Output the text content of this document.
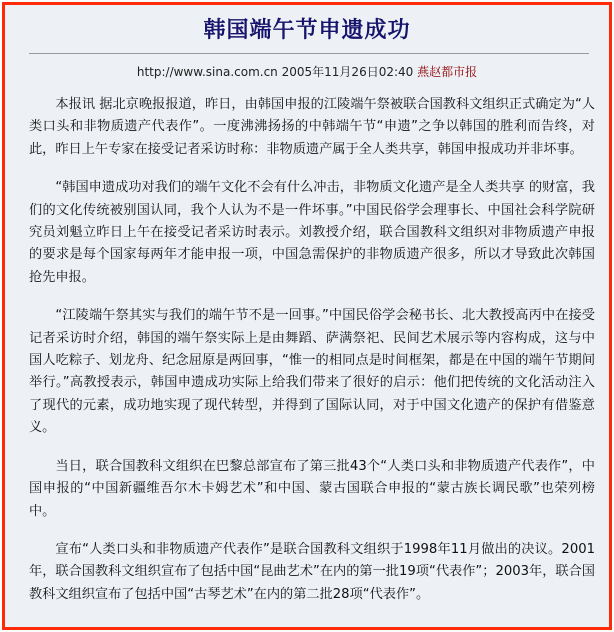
韩国端午节申遗成功
http://www.sina.com.cn 2005年11月26日02:40 燕赵都市报

本报讯 据北京晚报报道，昨日，由韩国申报的江陵端午祭被联合国教科文组织正式确定为“人类口头和非物质遗产代表作”。一度沸沸扬扬的中韩端午节“申遗”之争以韩国的胜利而告终，对此，昨日上午专家在接受记者采访时称：非物质遗产属于全人类共享，韩国申报成功并非坏事。

“韩国申遗成功对我们的端午文化不会有什么冲击，非物质文化遗产是全人类共享 的财富，我们的文化传统被别国认同，我个人认为不是一件坏事。”中国民俗学会理事长、中国社会科学院研究员刘魁立昨日上午在接受记者采访时表示。刘教授介绍，联合国教科文组织对非物质遗产申报的要求是每个国家每两年才能申报一项，中国急需保护的非物质遗产很多，所以才导致此次韩国抢先申报。

“江陵端午祭其实与我们的端午节不是一回事。”中国民俗学会秘书长、北大教授高丙中在接受记者采访时介绍，韩国的端午祭实际上是由舞蹈、萨满祭祀、民间艺术展示等内容构成，这与中国人吃粽子、划龙舟、纪念屈原是两回事，“惟一的相同点是时间框架，都是在中国的端午节期间举行。”高教授表示，韩国申遗成功实际上给我们带来了很好的启示：他们把传统的文化活动注入了现代的元素，成功地实现了现代转型，并得到了国际认同，对于中国文化遗产的保护有借鉴意义。

当日，联合国教科文组织在巴黎总部宣布了第三批43个“人类口头和非物质遗产代表作”，中国申报的“中国新疆维吾尔木卡姆艺术”和中国、蒙古国联合申报的“蒙古族长调民歌”也荣列榜中。

宣布“人类口头和非物质遗产代表作”是联合国教科文组织于1998年11月做出的决议。2001年，联合国教科文组织宣布了包括中国“昆曲艺术”在内的第一批19项“代表作”；2003年，联合国教科文组织宣布了包括中国“古琴艺术”在内的第二批28项“代表作”。
